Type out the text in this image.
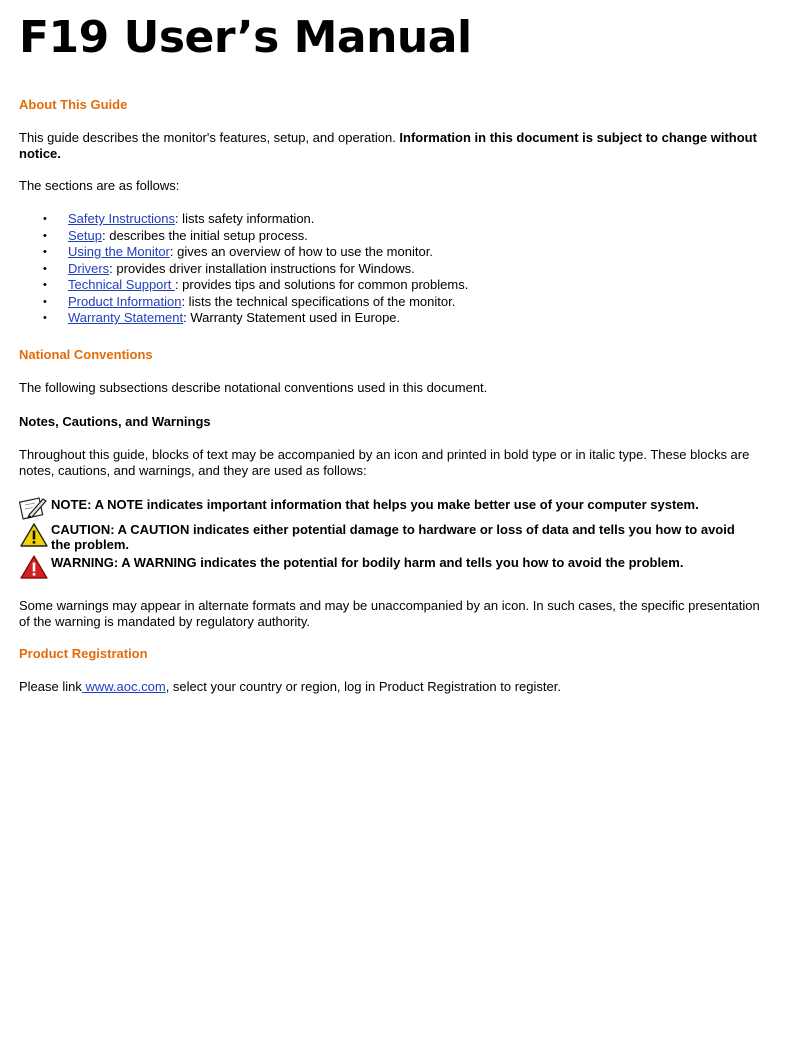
F19 User’s Manual
About This Guide
This guide describes the monitor's features, setup, and operation. Information in this document is subject to change without notice.
The sections are as follows:
• Safety Instructions: lists safety information.
• Setup: describes the initial setup process.
• Using the Monitor: gives an overview of how to use the monitor.
• Drivers: provides driver installation instructions for Windows.
• Technical Support : provides tips and solutions for common problems.
• Product Information: lists the technical specifications of the monitor.
• Warranty Statement: Warranty Statement used in Europe.
National Conventions
The following subsections describe notational conventions used in this document.
Notes, Cautions, and Warnings
Throughout this guide, blocks of text may be accompanied by an icon and printed in bold type or in italic type. These blocks are notes, cautions, and warnings, and they are used as follows:
NOTE: A NOTE indicates important information that helps you make better use of your computer system.
CAUTION: A CAUTION indicates either potential damage to hardware or loss of data and tells you how to avoid the problem.
WARNING: A WARNING indicates the potential for bodily harm and tells you how to avoid the problem.
Some warnings may appear in alternate formats and may be unaccompanied by an icon. In such cases, the specific presentation of the warning is mandated by regulatory authority.
Product Registration
Please link www.aoc.com, select your country or region, log in Product Registration to register.
